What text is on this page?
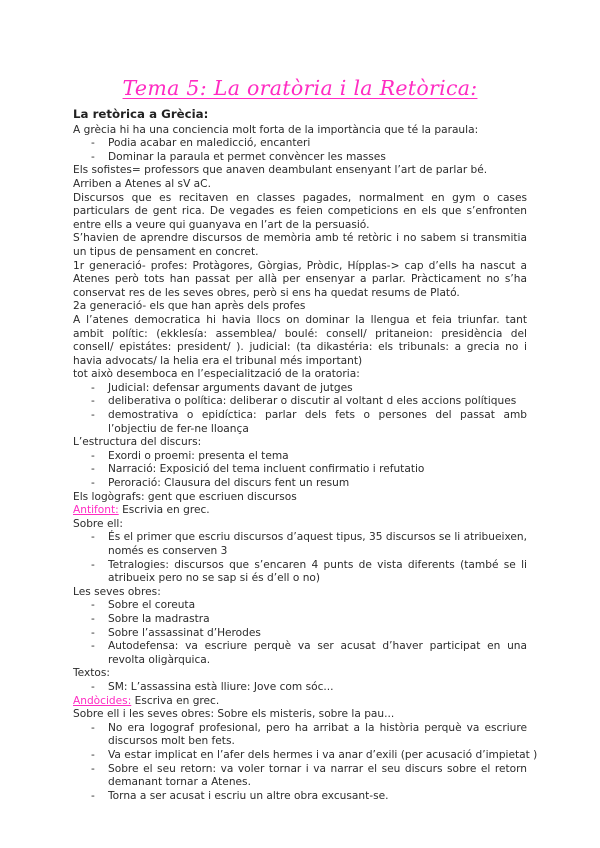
Tema 5: La oratòria i la Retòrica:

La retòrica a Grècia:

A grècia hi ha una conciencia molt forta de la importància que té la paraula:

- Podia acabar en maledicció, encanteri
- Dominar la paraula et permet convèncer les masses

Els sofistes= professors que anaven deambulant ensenyant l’art de parlar bé.

Arriben a Atenes al sV aC.

Discursos que es recitaven en classes pagades, normalment en gym o cases particulars de gent rica. De vegades es feien competicions en els que s’enfronten entre ells a veure qui guanyava en l’art de la persuasió.

S’havien de aprendre discursos de memòria amb té retòric i no sabem si transmitia un tipus de pensament en concret.

1r generació- profes: Protàgores, Gòrgias, Pròdic, Hípplas-> cap d’ells ha nascut a Atenes però tots han passat per allà per ensenyar a parlar. Pràcticament no s’ha conservat res de les seves obres, però si ens ha quedat resums de Plató.

2a generació- els que han après dels profes

A l’atenes democratica hi havia llocs on dominar la llengua et feia triunfar. tant ambit polític: (ekklesía: assemblea/ boulé: consell/ pritaneion: presidència del consell/ epistátes: president/ ). judicial: (ta dikastéria: els tribunals: a grecia no i havia advocats/ la helia era el tribunal més important)

tot això desemboca en l’especialització de la oratoria:

- Judicial: defensar arguments davant de jutges
- deliberativa o política: deliberar o discutir al voltant d eles accions polítiques
- demostrativa o epidíctica: parlar dels fets o persones del passat amb l’objectiu de fer-ne lloança

L’estructura del discurs:

- Exordi o proemi: presenta el tema
- Narració: Exposició del tema incluent confirmatio i refutatio
- Peroració: Clausura del discurs fent un resum

Els logògrafs: gent que escriuen discursos

Antifont: Escrivia en grec.

Sobre ell:

- És el primer que escriu discursos d’aquest tipus, 35 discursos se li atribueixen, només es conserven 3
- Tetralogies: discursos que s’encaren 4 punts de vista diferents (també se li atribueix pero no se sap si és d’ell o no)

Les seves obres:

- Sobre el coreuta
- Sobre la madrastra
- Sobre l’assassinat d’Herodes
- Autodefensa: va escriure perquè va ser acusat d’haver participat en una revolta oligàrquica.

Textos:

- SM: L’assassina està lliure: Jove com sóc...

Andòcides: Escriva en grec.

Sobre ell i les seves obres: Sobre els misteris, sobre la pau...

- No era logograf profesional, pero ha arribat a la història perquè va escriure discursos molt ben fets.
- Va estar implicat en l’afer dels hermes i va anar d’exili (per acusació d’impietat )
- Sobre el seu retorn: va voler tornar i va narrar el seu discurs sobre el retorn demanant tornar a Atenes.
- Torna a ser acusat i escriu un altre obra excusant-se.
